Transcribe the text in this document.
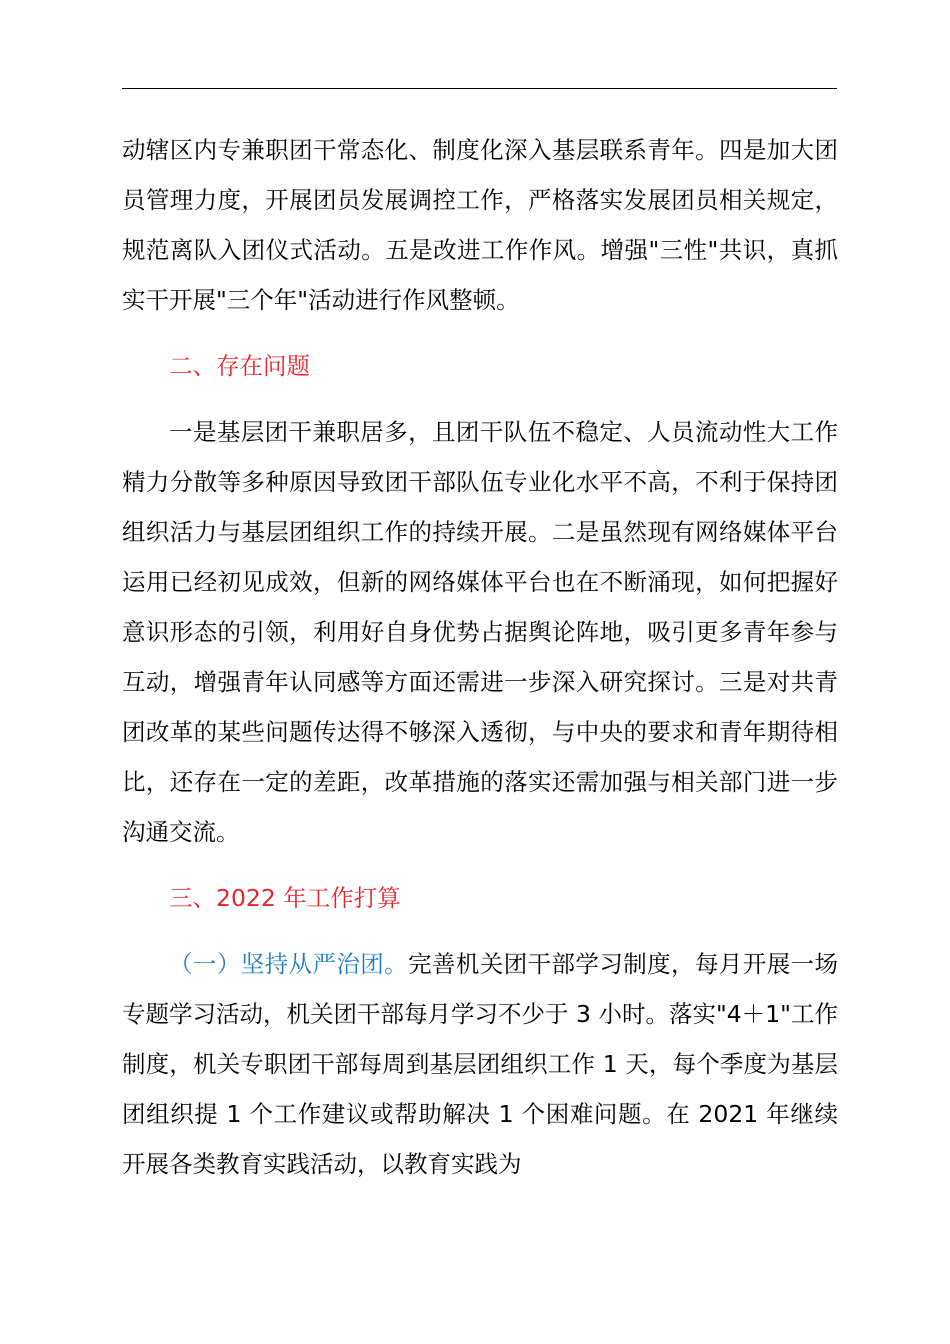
动辖区内专兼职团干常态化、制度化深入基层联系青年。四是加大团员管理力度，开展团员发展调控工作，严格落实发展团员相关规定，规范离队入团仪式活动。五是改进工作作风。增强"三性"共识，真抓实干开展"三个年"活动进行作风整顿。

二、存在问题

一是基层团干兼职居多，且团干队伍不稳定、人员流动性大工作精力分散等多种原因导致团干部队伍专业化水平不高，不利于保持团组织活力与基层团组织工作的持续开展。二是虽然现有网络媒体平台运用已经初见成效，但新的网络媒体平台也在不断涌现，如何把握好意识形态的引领，利用好自身优势占据舆论阵地，吸引更多青年参与互动，增强青年认同感等方面还需进一步深入研究探讨。三是对共青团改革的某些问题传达得不够深入透彻，与中央的要求和青年期待相比，还存在一定的差距，改革措施的落实还需加强与相关部门进一步沟通交流。

三、2022 年工作打算

（一）坚持从严治团。完善机关团干部学习制度，每月开展一场专题学习活动，机关团干部每月学习不少于 3 小时。落实"4＋1"工作制度，机关专职团干部每周到基层团组织工作 1 天，每个季度为基层团组织提 1 个工作建议或帮助解决 1 个困难问题。在 2021 年继续开展各类教育实践活动，以教育实践为
